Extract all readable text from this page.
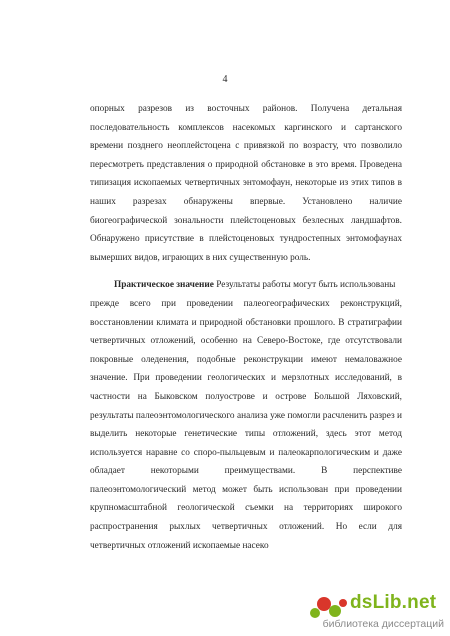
4
опорных разрезов из восточных районов. Получена детальная
последовательность комплексов насекомых каргинского и сартанского
времени позднего неоплейстоцена с привязкой по возрасту, что позволило
пересмотреть представления о природной обстановке в это время. Проведена
типизация ископаемых четвертичных энтомофаун, некоторые из этих типов в
наших разрезах обнаружены впервые. Установлено наличие
биогеографической зональности плейстоценовых безлесных ландшафтов.
Обнаружено присутствие в плейстоценовых тундростепных энтомофаунах
вымерших видов, играющих в них существенную роль.
Практическое значение Результаты работы могут быть использованы
прежде всего при проведении палеогеографических реконструкций,
восстановлении климата и природной обстановки прошлого. В стратиграфии
четвертичных отложений, особенно на Северо-Востоке, где отсутствовали
покровные оледенения, подобные реконструкции имеют немаловажное
значение. При проведении геологических и мерзлотных исследований, в
частности на Быковском полуострове и острове Большой Ляховский,
результаты палеоэнтомологического анализа уже помогли расчленить разрез и
выделить некоторые генетические типы отложений, здесь этот метод
используется наравне со споро-пыльцевым и палеокарпологическим и даже
обладает некоторыми преимуществами. В перспективе
палеоэнтомологический метод может быть использован при проведении
крупномасштабной геологической съемки на территориях широкого
распространения рыхлых четвертичных отложений. Но если для
четвертичных отложений ископаемые насеко
dsLib.net
библиотека диссертаций
